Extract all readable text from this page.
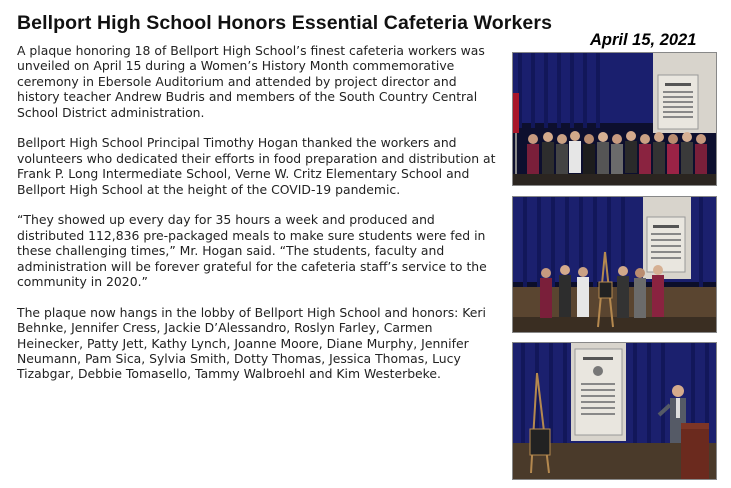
Bellport High School Honors Essential Cafeteria Workers
April 15, 2021

A plaque honoring 18 of Bellport High School’s finest cafeteria workers was unveiled on April 15 during a Women’s History Month commemorative ceremony in Ebersole Auditorium and attended by project director and history teacher Andrew Budris and members of the South Country Central School District administration.

Bellport High School Principal Timothy Hogan thanked the workers and volunteers who dedicated their efforts in food preparation and distribution at Frank P. Long Intermediate School, Verne W. Critz Elementary School and Bellport High School at the height of the COVID-19 pandemic.

“They showed up every day for 35 hours a week and produced and distributed 112,836 pre-packaged meals to make sure students were fed in these challenging times,” Mr. Hogan said. “The students, faculty and administration will be forever grateful for the cafeteria staff’s service to the community in 2020.”

The plaque now hangs in the lobby of Bellport High School and honors: Keri Behnke, Jennifer Cress, Jackie D’Alessandro, Roslyn Farley, Carmen Heinecker, Patty Jett, Kathy Lynch, Joanne Moore, Diane Murphy, Jennifer Neumann, Pam Sica, Sylvia Smith, Dotty Thomas, Jessica Thomas, Lucy Tizabgar, Debbie Tomasello, Tammy Walbroehl and Kim Westerbeke.
